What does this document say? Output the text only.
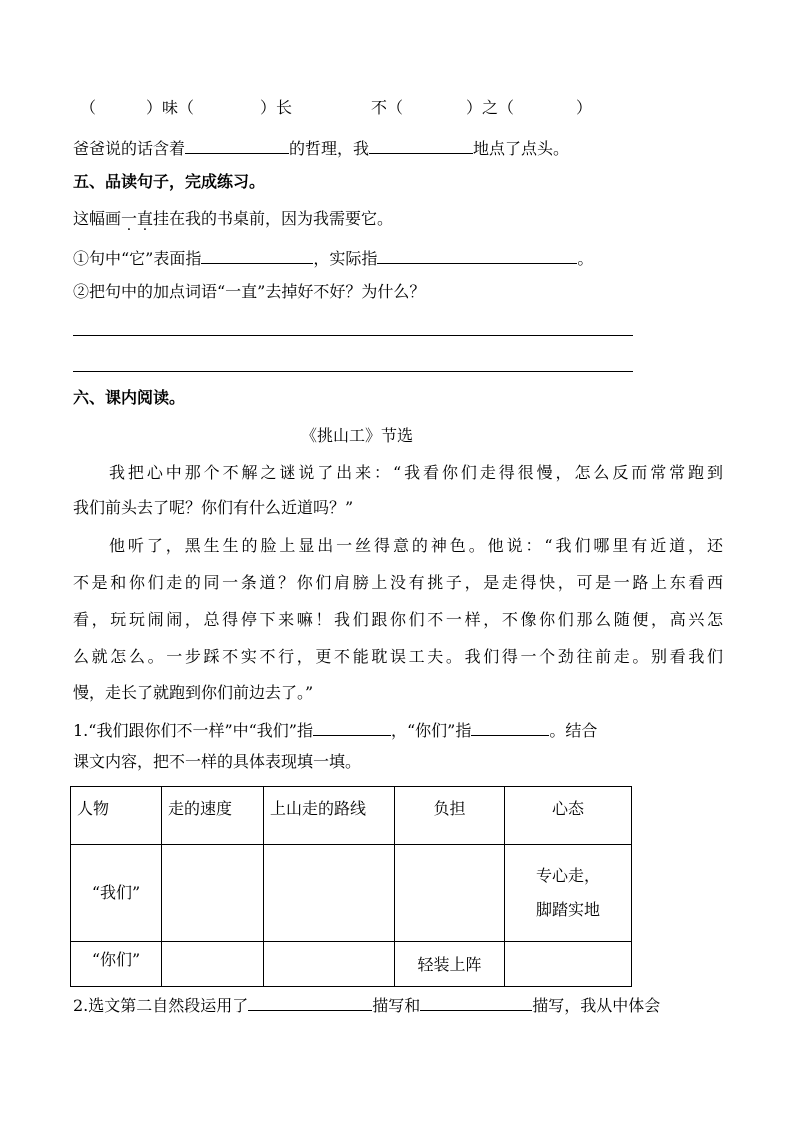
（	）味（	）长	不（	）之（	）
爸爸说的话含着	的哲理，我	地点了点头。
五、品读句子，完成练习。
这幅画一直挂在我的书桌前，因为我需要它。
①句中“它”表面指	，实际指	。
②把句中的加点词语“一直”去掉好不好？为什么？
六、课内阅读。
《挑山工》节选
我把心中那个不解之谜说了出来：“我看你们走得很慢，怎么反而常常跑到
我们前头去了呢？你们有什么近道吗？”
他听了，黑生生的脸上显出一丝得意的神色。他说：“我们哪里有近道，还
不是和你们走的同一条道？你们肩膀上没有挑子，是走得快，可是一路上东看西
看，玩玩闹闹，总得停下来嘛！我们跟你们不一样，不像你们那么随便，高兴怎
么就怎么。一步踩不实不行，更不能耽误工夫。我们得一个劲往前走。别看我们
慢，走长了就跑到你们前边去了。”
1.“我们跟你们不一样”中“我们”指	，“你们”指	。结合
课文内容，把不一样的具体表现填一填。
人物	走的速度	上山走的路线	负担	心态
“我们”				专心走，
脚踏实地

“你们”			轻装上阵	
2.选文第二自然段运用了	描写和	描写，我从中体会
